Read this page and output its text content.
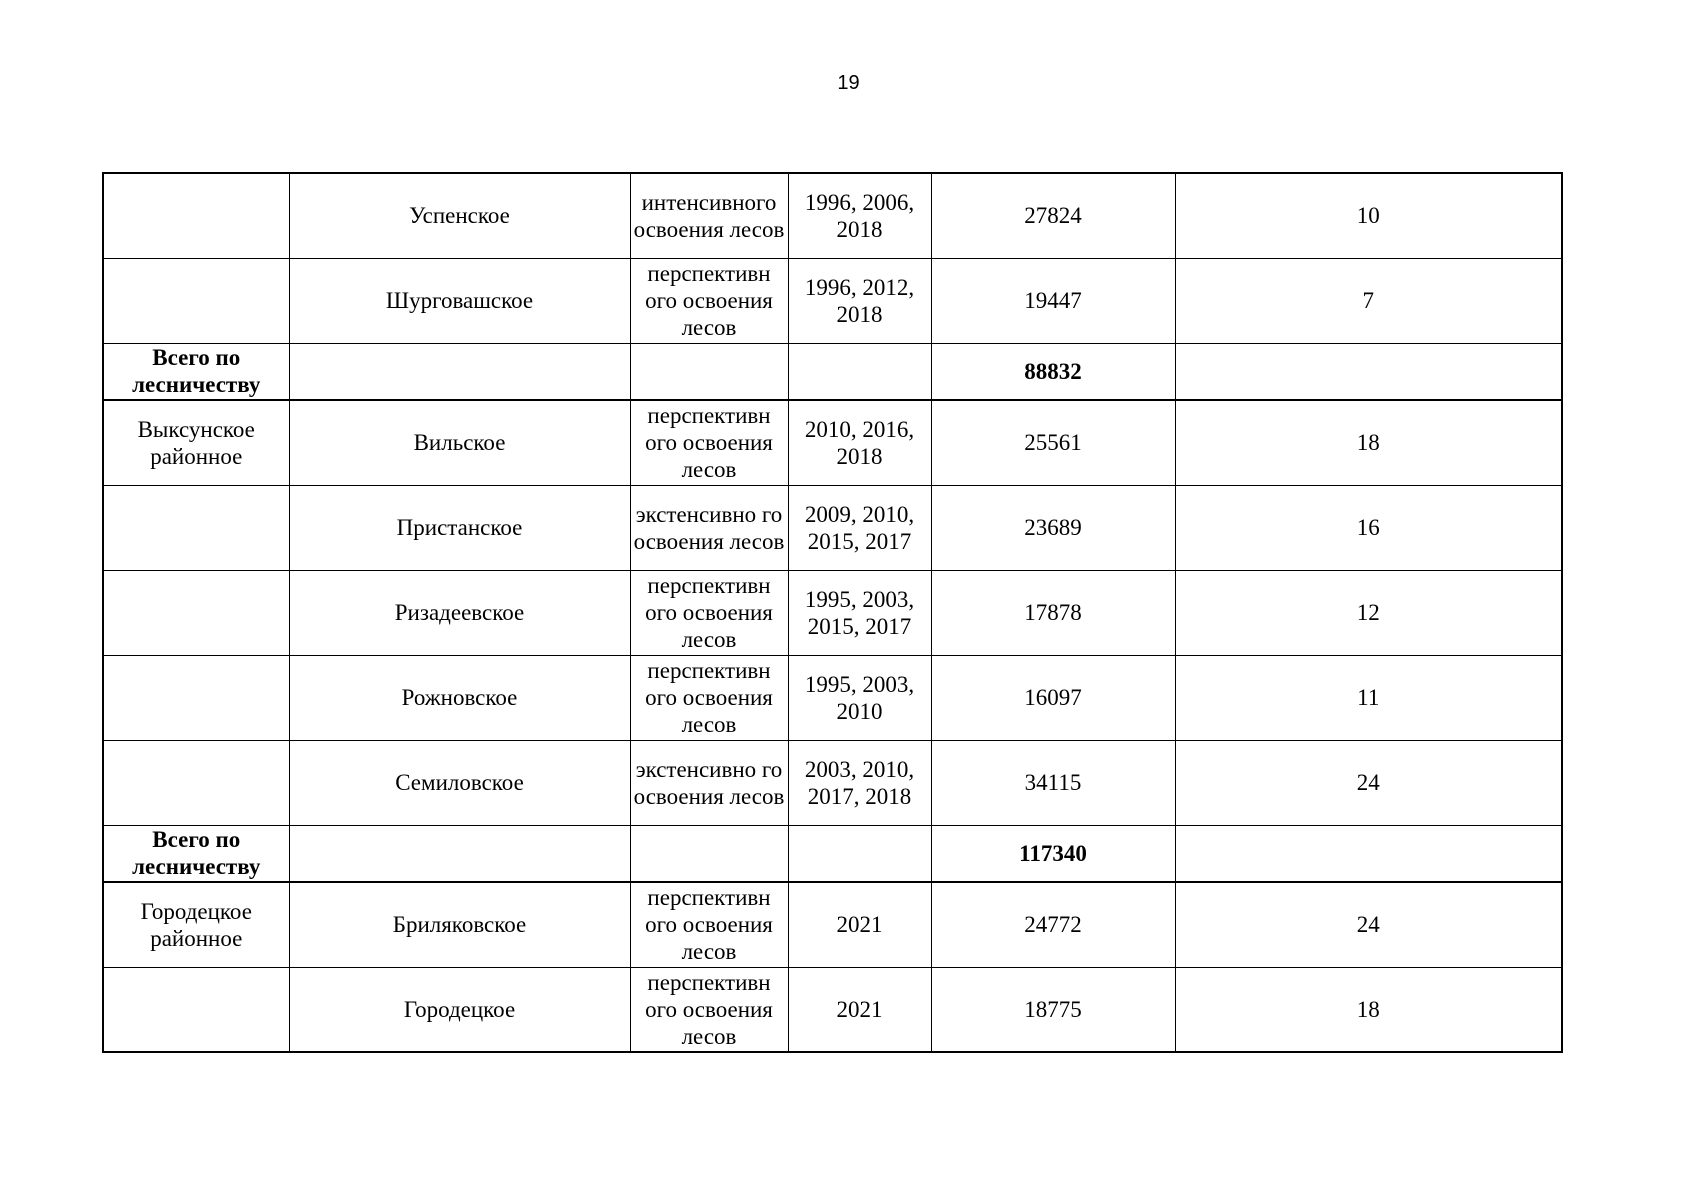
19
	Успенское	интенсивного освоения лесов	1996, 2006, 2018	27824	10
	Шурговашское	перспективн ого освоения лесов	1996, 2012, 2018	19447	7
Всего по лесничеству				88832	
Выксунское районное	Вильское	перспективн ого освоения лесов	2010, 2016, 2018	25561	18
	Пристанское	экстенсивно го освоения лесов	2009, 2010, 2015, 2017	23689	16
	Ризадеевское	перспективн ого освоения лесов	1995, 2003, 2015, 2017	17878	12
	Рожновское	перспективн ого освоения лесов	1995, 2003, 2010	16097	11
	Семиловское	экстенсивно го освоения лесов	2003, 2010, 2017, 2018	34115	24
Всего по лесничеству				117340	
Городецкое районное	Бриляковское	перспективн ого освоения лесов	2021	24772	24
	Городецкое	перспективн ого освоения лесов	2021	18775	18
